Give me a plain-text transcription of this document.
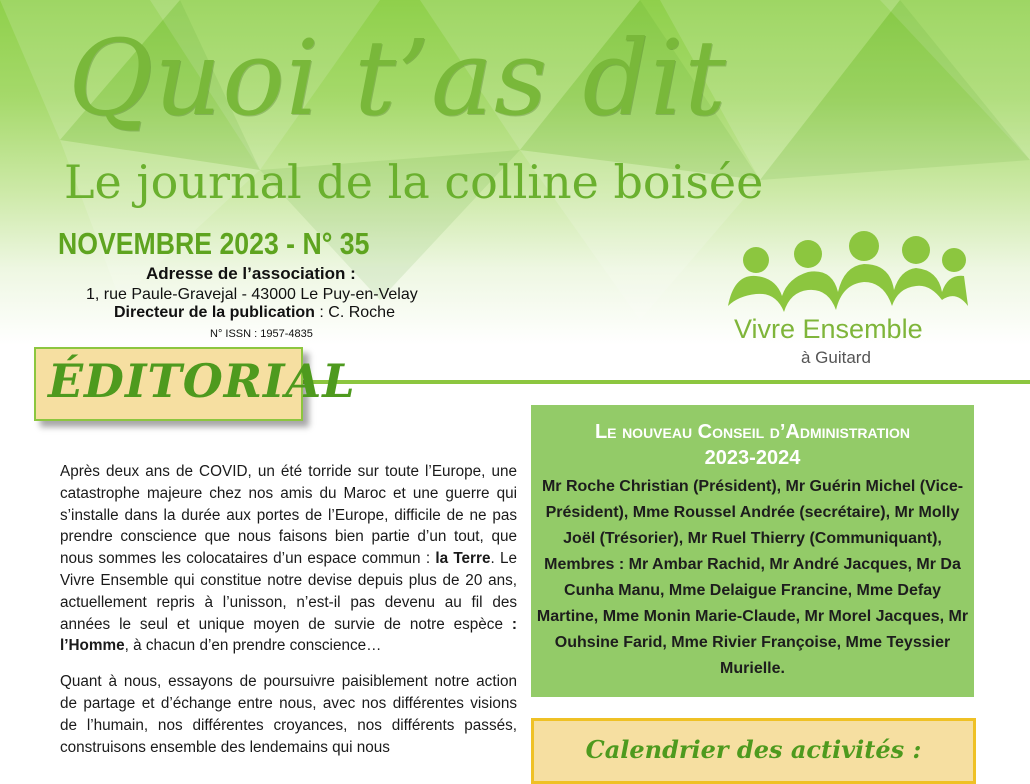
Quoi t’as dit
Le journal de la colline boisée
NOVEMBRE 2023 - N° 35
Adresse de l’association :
1, rue Paule-Gravejal - 43000 Le Puy-en-Velay
Directeur de la publication : C. Roche
N° ISSN : 1957-4835	Vivre Ensemble
à Guitard
ÉDITORIAL

Après deux ans de COVID, un été torride sur toute l’Europe, une catastrophe majeure chez nos amis du Maroc et une guerre qui s’installe dans la durée aux portes de l’Europe, difficile de ne pas prendre conscience que nous faisons bien partie d’un tout, que nous sommes les colocataires d’un espace commun : la Terre. Le Vivre Ensemble qui constitue notre devise depuis plus de 20 ans, actuellement repris à l’unisson, n’est-il pas devenu au fil des années le seul et unique moyen de survie de notre espèce : l’Homme, à chacun d’en prendre conscience…

Quant à nous, essayons de poursuivre paisiblement notre action de partage et d’échange entre nous, avec nos différentes visions de l’humain, nos différentes croyances, nos différents passés, construisons ensemble des lendemains qui nous

Le nouveau Conseil d’Administration
2023-2024
Mr Roche Christian (Président), Mr Guérin Michel (Vice-Président), Mme Roussel Andrée (secrétaire), Mr Molly Joël (Trésorier), Mr Ruel Thierry (Communiquant), Membres : Mr Ambar Rachid, Mr André Jacques, Mr Da Cunha Manu, Mme Delaigue Francine, Mme Defay Martine, Mme Monin Marie-Claude, Mr Morel Jacques, Mr Ouhsine Farid, Mme Rivier Françoise, Mme Teyssier Murielle.
Calendrier des activités :
